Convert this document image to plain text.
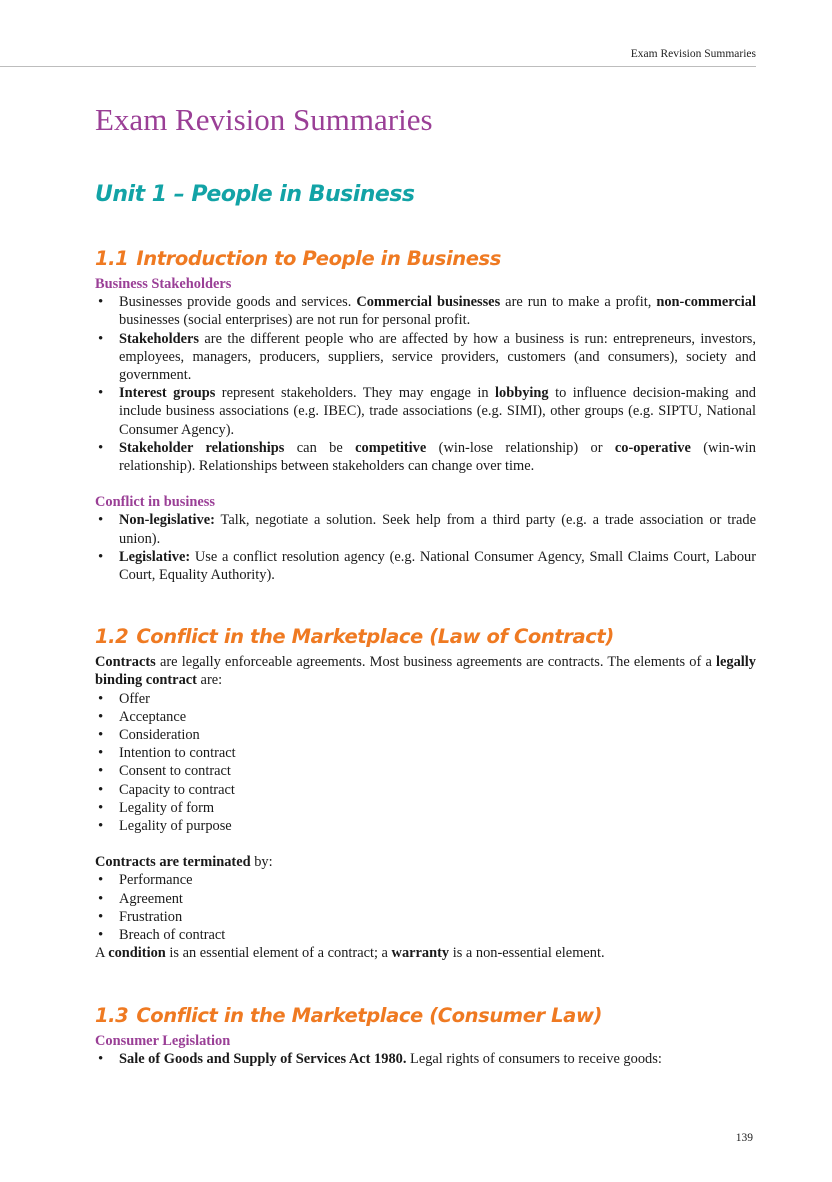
Exam Revision Summaries
Exam Revision Summaries
Unit 1 – People in Business
1.1 Introduction to People in Business
Business Stakeholders
• Businesses provide goods and services. Commercial businesses are run to make a profit, non-commercial businesses (social enterprises) are not run for personal profit.
• Stakeholders are the different people who are affected by how a business is run: entrepreneurs, investors, employees, managers, producers, suppliers, service providers, customers (and consumers), society and government.
• Interest groups represent stakeholders. They may engage in lobbying to influence decision-making and include business associations (e.g. IBEC), trade associations (e.g. SIMI), other groups (e.g. SIPTU, National Consumer Agency).
• Stakeholder relationships can be competitive (win-lose relationship) or co-operative (win-win relationship). Relationships between stakeholders can change over time.
Conflict in business
• Non-legislative: Talk, negotiate a solution. Seek help from a third party (e.g. a trade association or trade union).
• Legislative: Use a conflict resolution agency (e.g. National Consumer Agency, Small Claims Court, Labour Court, Equality Authority).
1.2 Conflict in the Marketplace (Law of Contract)

Contracts are legally enforceable agreements. Most business agreements are contracts. The elements of a legally binding contract are:

• Offer
• Acceptance
• Consideration
• Intention to contract
• Consent to contract
• Capacity to contract
• Legality of form
• Legality of purpose

Contracts are terminated by:

• Performance
• Agreement
• Frustration
• Breach of contract

A condition is an essential element of a contract; a warranty is a non-essential element.

1.3 Conflict in the Marketplace (Consumer Law)
Consumer Legislation
• Sale of Goods and Supply of Services Act 1980. Legal rights of consumers to receive goods:
139
